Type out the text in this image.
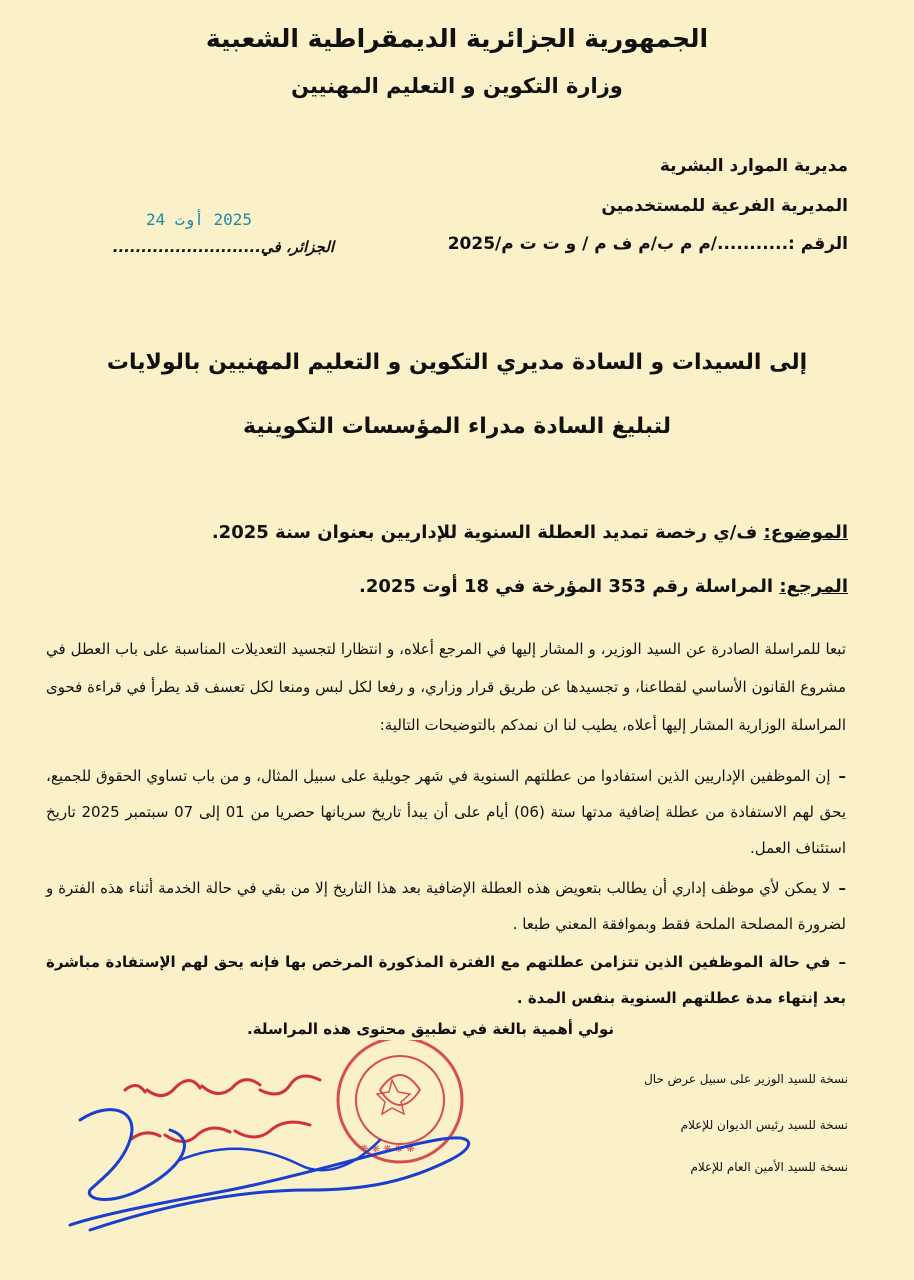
الجمهورية الجزائرية الديمقراطية الشعبية
وزارة التكوين و التعليم المهنيين
مديرية الموارد البشرية
المديرية الفرعية للمستخدمين
الرقم :.........../م م ب/م ف م / و ت ت م/2025
2025 أوت 24
الجزائر، في..........................
إلى السيدات و السادة مديري التكوين و التعليم المهنيين بالولايات
لتبليغ السادة مدراء المؤسسات التكوينية
الموضوع: ف/ي رخصة تمديد العطلة السنوية للإداريين بعنوان سنة 2025.
المرجع: المراسلة رقم 353 المؤرخة في 18 أوت 2025.
تبعا للمراسلة الصادرة عن السيد الوزير، و المشار إليها في المرجع أعلاه، و انتظارا لتجسيد التعديلات المناسبة على باب العطل في مشروع القانون الأساسي لقطاعنا، و تجسيدها عن طريق قرار وزاري، و رفعا لكل لبس ومنعا لكل تعسف قد يطرأ في قراءة فحوى المراسلة الوزارية المشار إليها أعلاه، يطيب لنا ان نمدكم بالتوضيحات التالية:
–إن الموظفين الإداريين الذين استفادوا من عطلتهم السنوية في شهر جويلية على سبيل المثال، و من باب تساوي الحقوق للجميع، يحق لهم الاستفادة من عطلة إضافية مدتها ستة (06) أيام على أن يبدأ تاريخ سريانها حصريا من 01 إلى 07 سبتمبر 2025 تاريخ استئناف العمل.
–لا يمكن لأي موظف إداري أن يطالب بتعويض هذه العطلة الإضافية بعد هذا التاريخ إلا من بقي في حالة الخدمة أثناء هذه الفترة و لضرورة المصلحة الملحة فقط وبموافقة المعني طبعا .
–في حالة الموظفين الذين تتزامن عطلتهم مع الفترة المذكورة المرخص بها فإنه يحق لهم الإستفادة مباشرة بعد إنتهاء مدة عطلتهم السنوية بنفس المدة .
نولي أهمية بالغة في تطبيق محتوى هذه المراسلة.
نسخة للسيد الوزير على سبيل عرض حال
نسخة للسيد رئيس الديوان للإعلام
نسخة للسيد الأمين العام للإعلام
❋ ❋ ❋ ❋ ❋
